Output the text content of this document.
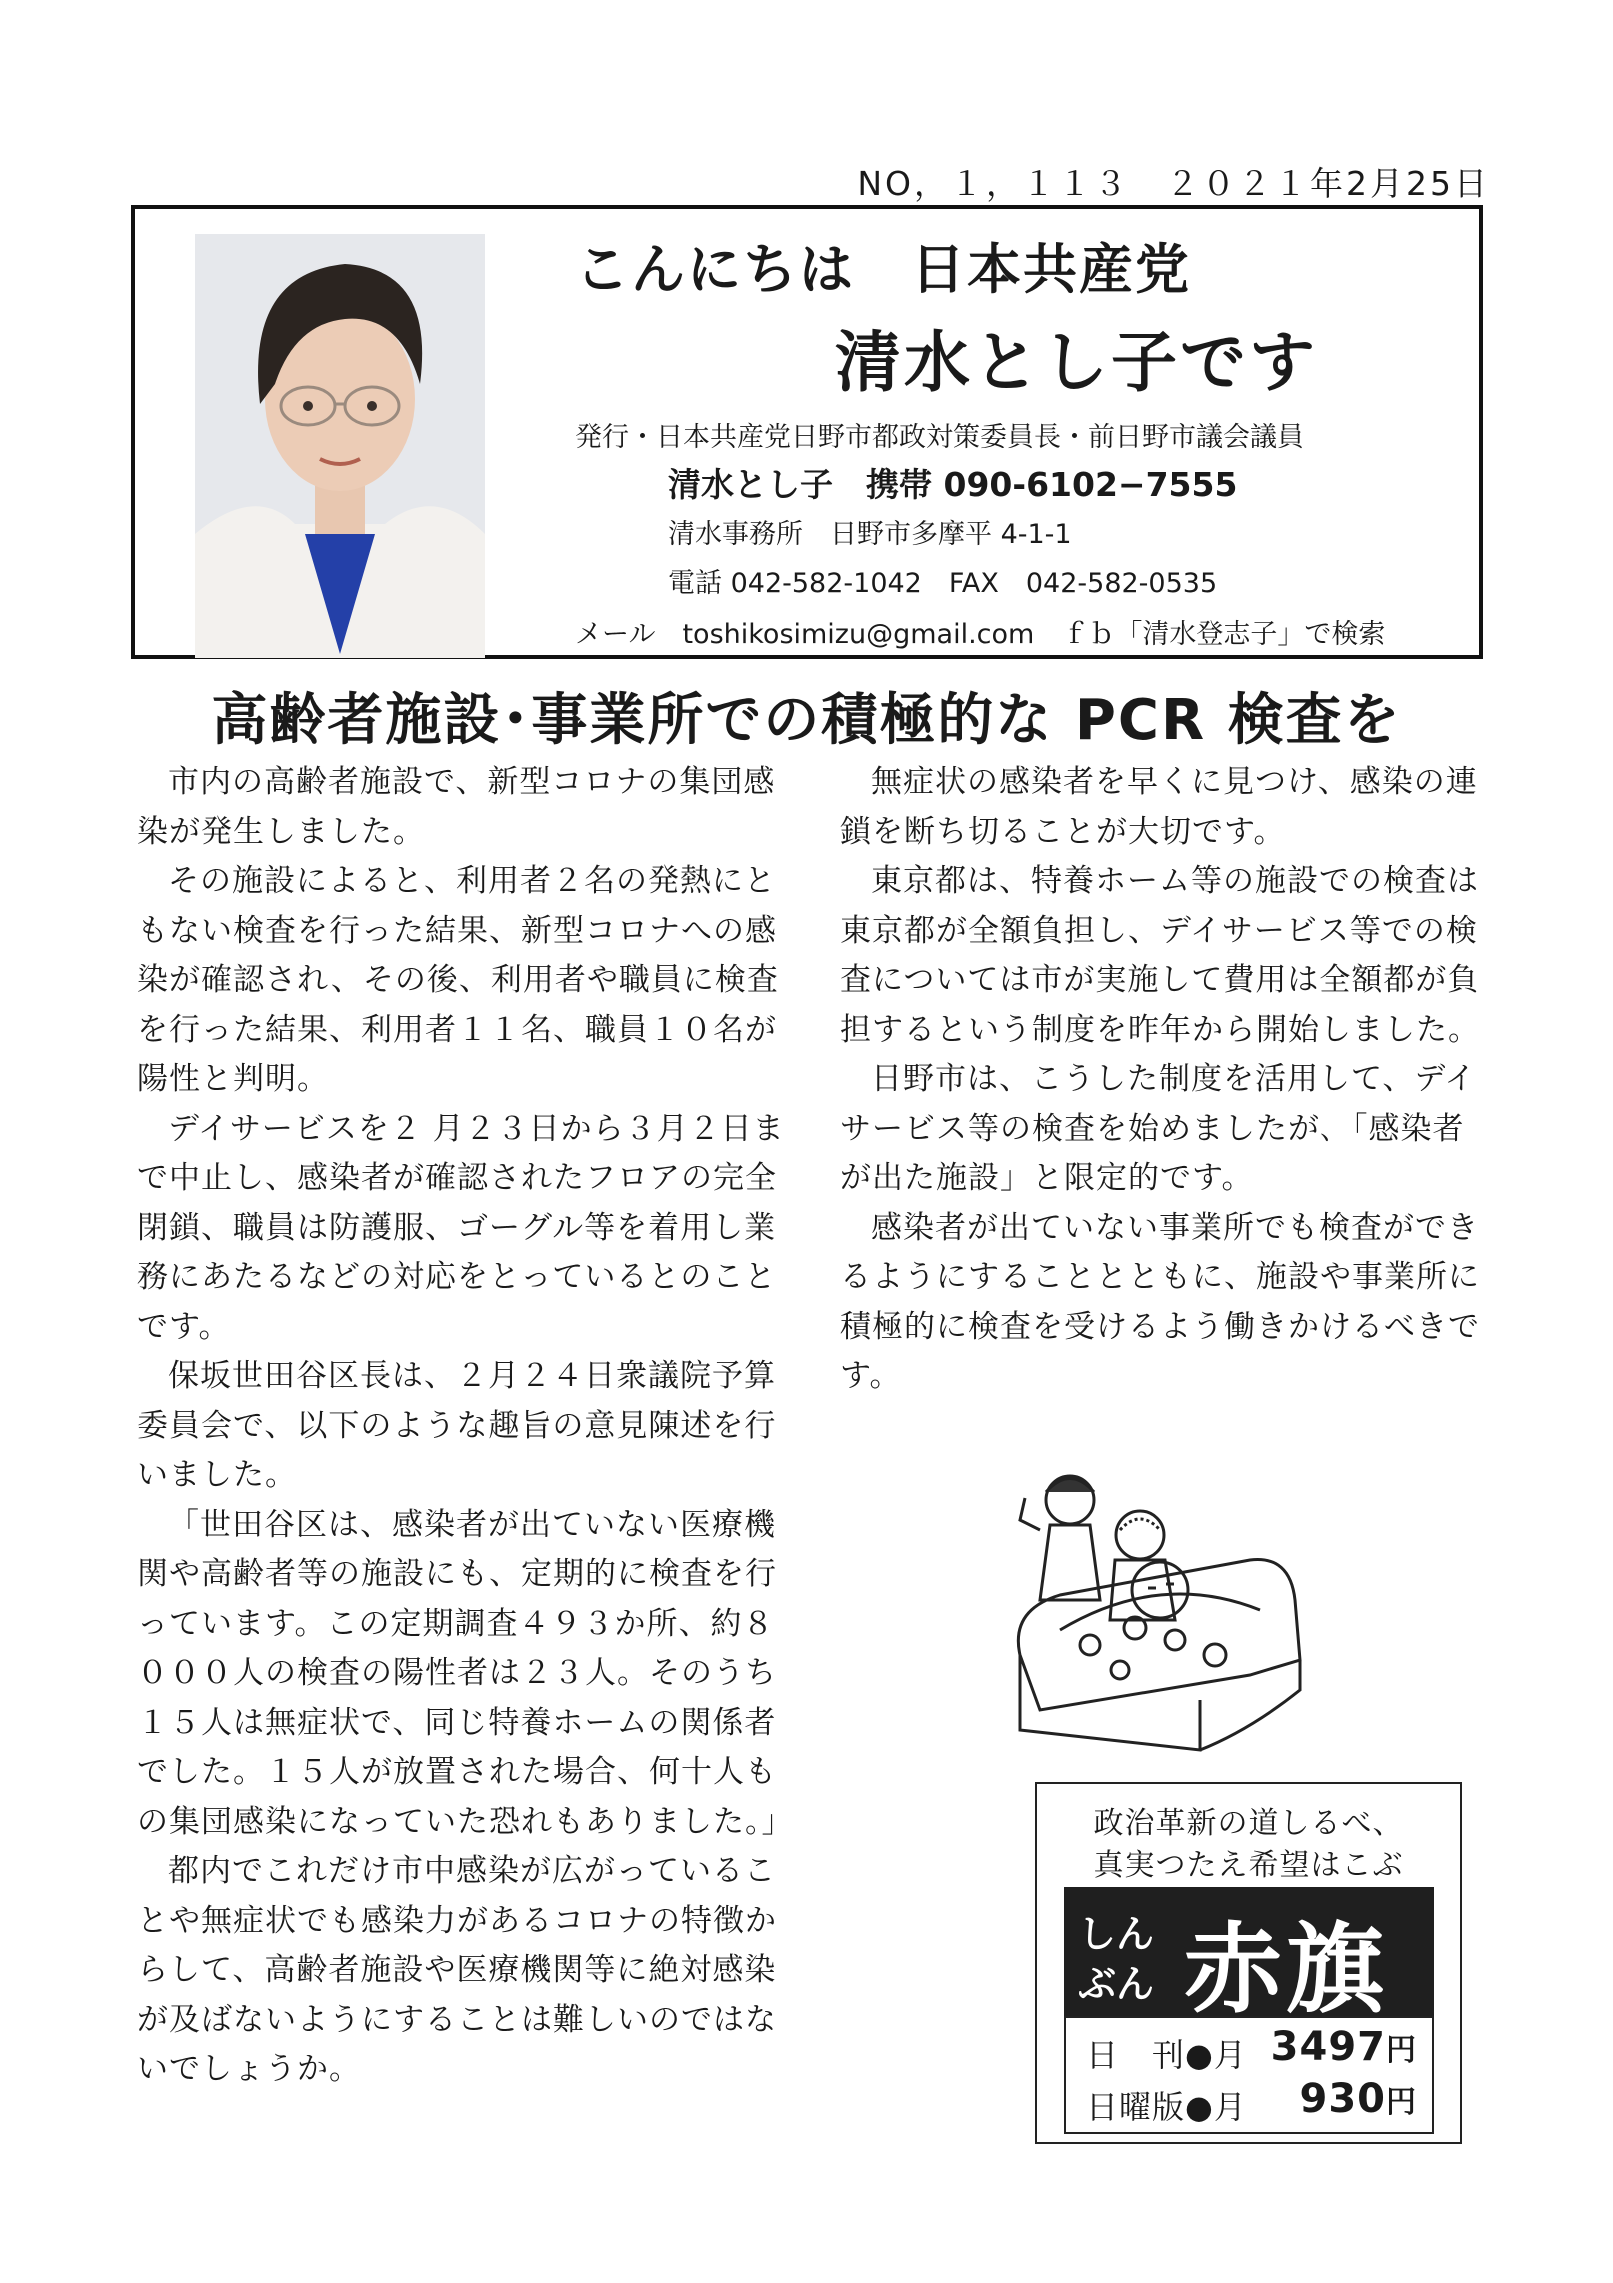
NO，１，１１３　２０２１年2月25日
こんにちは　日本共産党
清水とし子です
発行・日本共産党日野市都政対策委員長・前日野市議会議員
清水とし子　携帯 090-6102−7555
清水事務所　日野市多摩平 4-1-1
電話 042-582-1042　FAX　042-582-0535
メール　toshikosimizu@gmail.com　ｆｂ「清水登志子」で検索
高齢者施設･事業所での積極的な PCR 検査を

市内の高齢者施設で、新型コロナの集団感染が発生しました。

その施設によると、利用者２名の発熱にともない検査を行った結果、新型コロナへの感染が確認され、その後、利用者や職員に検査を行った結果、利用者１１名、職員１０名が陽性と判明。

デイサービスを２ 月２３日から３月２日まで中止し、感染者が確認されたフロアの完全閉鎖、職員は防護服、ゴーグル等を着用し業務にあたるなどの対応をとっているとのことです。

保坂世田谷区長は、２月２４日衆議院予算委員会で、以下のような趣旨の意見陳述を行いました。

「世田谷区は、感染者が出ていない医療機関や高齢者等の施設にも、定期的に検査を行っています。この定期調査４９３か所、約８０００人の検査の陽性者は２３人。そのうち１５人は無症状で、同じ特養ホームの関係者でした。１５人が放置された場合、何十人もの集団感染になっていた恐れもありました。」

都内でこれだけ市中感染が広がっていることや無症状でも感染力があるコロナの特徴からして、高齢者施設や医療機関等に絶対感染が及ばないようにすることは難しいのではないでしょうか。

無症状の感染者を早くに見つけ、感染の連鎖を断ち切ることが大切です。

東京都は、特養ホーム等の施設での検査は東京都が全額負担し、デイサービス等での検査については市が実施して費用は全額都が負担するという制度を昨年から開始しました。

日野市は、こうした制度を活用して、デイサービス等の検査を始めましたが､「感染者が出た施設」と限定的です。

感染者が出ていない事業所でも検査ができるようにすることとともに、施設や事業所に積極的に検査を受けるよう働きかけるべきです。

政治革新の道しるべ、
真実つたえ希望はこぶ
しん
ぶん 赤旗
日　刊●月 3497円
日曜版●月 930円
